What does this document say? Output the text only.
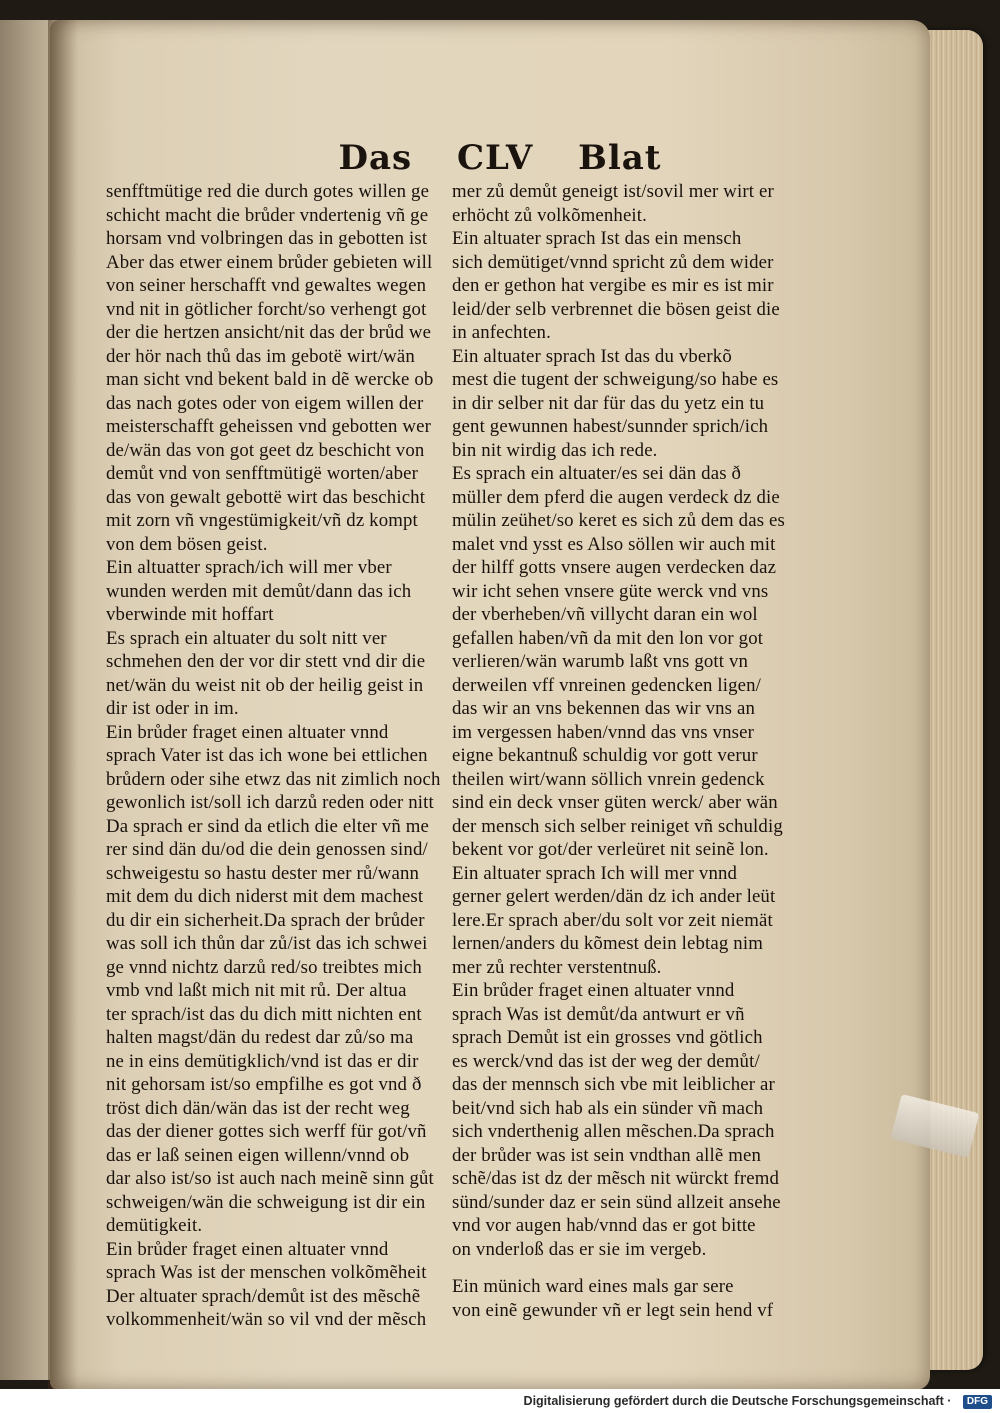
Das CLV Blat
senfftmütige red die durch gotes willen ge
schicht macht die brůder vndertenig vñ ge
horsam vnd volbringen das in gebotten ist
Aber das etwer einem brůder gebieten will
von seiner herschafft vnd gewaltes wegen
vnd nit in götlicher forcht/so verhengt got
der die hertzen ansicht/nit das der brůd we
der hör nach thů das im gebotë wirt/wän
man sicht vnd bekent bald in dẽ wercke ob
das nach gotes oder von eigem willen der
meisterschafft geheissen vnd gebotten wer
de/wän das von got geet dz beschicht von
demůt vnd von senfftmütigë worten/aber
das von gewalt gebottë wirt das beschicht
mit zorn vñ vngestümigkeit/vñ dz kompt
von dem bösen geist.
Ein altuatter sprach/ich will mer vber
wunden werden mit demůt/dann das ich
vberwinde mit hoffart
Es sprach ein altuater du solt nitt ver
schmehen den der vor dir stett vnd dir die
net/wän du weist nit ob der heilig geist in
dir ist oder in im.
Ein brůder fraget einen altuater vnnd
sprach Vater ist das ich wone bei ettlichen
brůdern oder sihe etwz das nit zimlich noch
gewonlich ist/soll ich darzů reden oder nitt
Da sprach er sind da etlich die elter vñ me
rer sind dän du/od die dein genossen sind/
schweigestu so hastu dester mer rů/wann
mit dem du dich niderst mit dem machest
du dir ein sicherheit.Da sprach der brůder
was soll ich thůn dar zů/ist das ich schwei
ge vnnd nichtz darzů red/so treibtes mich
vmb vnd laßt mich nit mit rů. Der altua
ter sprach/ist das du dich mitt nichten ent
halten magst/dän du redest dar zů/so ma
ne in eins demütigklich/vnd ist das er dir
nit gehorsam ist/so empfilhe es got vnd ð
tröst dich dän/wän das ist der recht weg
das der diener gottes sich werff für got/vñ
das er laß seinen eigen willenn/vnnd ob
dar also ist/so ist auch nach meinẽ sinn gůt
schweigen/wän die schweigung ist dir ein
demütigkeit.
Ein brůder fraget einen altuater vnnd
sprach Was ist der menschen volkõmẽheit
Der altuater sprach/demůt ist des mẽschẽ
volkommenheit/wän so vil vnd der mẽsch
mer zů demůt geneigt ist/sovil mer wirt er
erhöcht zů volkõmenheit.
Ein altuater sprach Ist das ein mensch
sich demütiget/vnnd spricht zů dem wider
den er gethon hat vergibe es mir es ist mir
leid/der selb verbrennet die bösen geist die
in anfechten.
Ein altuater sprach Ist das du vberkõ
mest die tugent der schweigung/so habe es
in dir selber nit dar für das du yetz ein tu
gent gewunnen habest/sunnder sprich/ich
bin nit wirdig das ich rede.
Es sprach ein altuater/es sei dän das ð
müller dem pferd die augen verdeck dz die
mülin zeühet/so keret es sich zů dem das es
malet vnd ysst es Also söllen wir auch mit
der hilff gotts vnsere augen verdecken daz
wir icht sehen vnsere güte werck vnd vns
der vberheben/vñ villycht daran ein wol
gefallen haben/vñ da mit den lon vor got
verlieren/wän warumb laßt vns gott vn
derweilen vff vnreinen gedencken ligen/
das wir an vns bekennen das wir vns an
im vergessen haben/vnnd das vns vnser
eigne bekantnuß schuldig vor gott verur
theilen wirt/wann söllich vnrein gedenck
sind ein deck vnser güten werck/ aber wän
der mensch sich selber reiniget vñ schuldig
bekent vor got/der verleüret nit seinẽ lon.
Ein altuater sprach Ich will mer vnnd
gerner gelert werden/dän dz ich ander leüt
lere.Er sprach aber/du solt vor zeit niemät
lernen/anders du kõmest dein lebtag nim
mer zů rechter verstentnuß.
Ein brůder fraget einen altuater vnnd
sprach Was ist demůt/da antwurt er vñ
sprach Demůt ist ein grosses vnd götlich
es werck/vnd das ist der weg der demůt/
das der mennsch sich vbe mit leiblicher ar
beit/vnd sich hab als ein sünder vñ mach
sich vnderthenig allen mẽschen.Da sprach
der brůder was ist sein vndthan allẽ men
schẽ/das ist dz der mẽsch nit würckt fremd
sünd/sunder daz er sein sünd allzeit ansehe
vnd vor augen hab/vnnd das er got bitte
on vnderloß das er sie im vergeb.
Ein münich ward eines mals gar sere
von einẽ gewunder vñ er legt sein hend vf
Digitalisierung gefördert durch die Deutsche Forschungsgemeinschaft · DFG
